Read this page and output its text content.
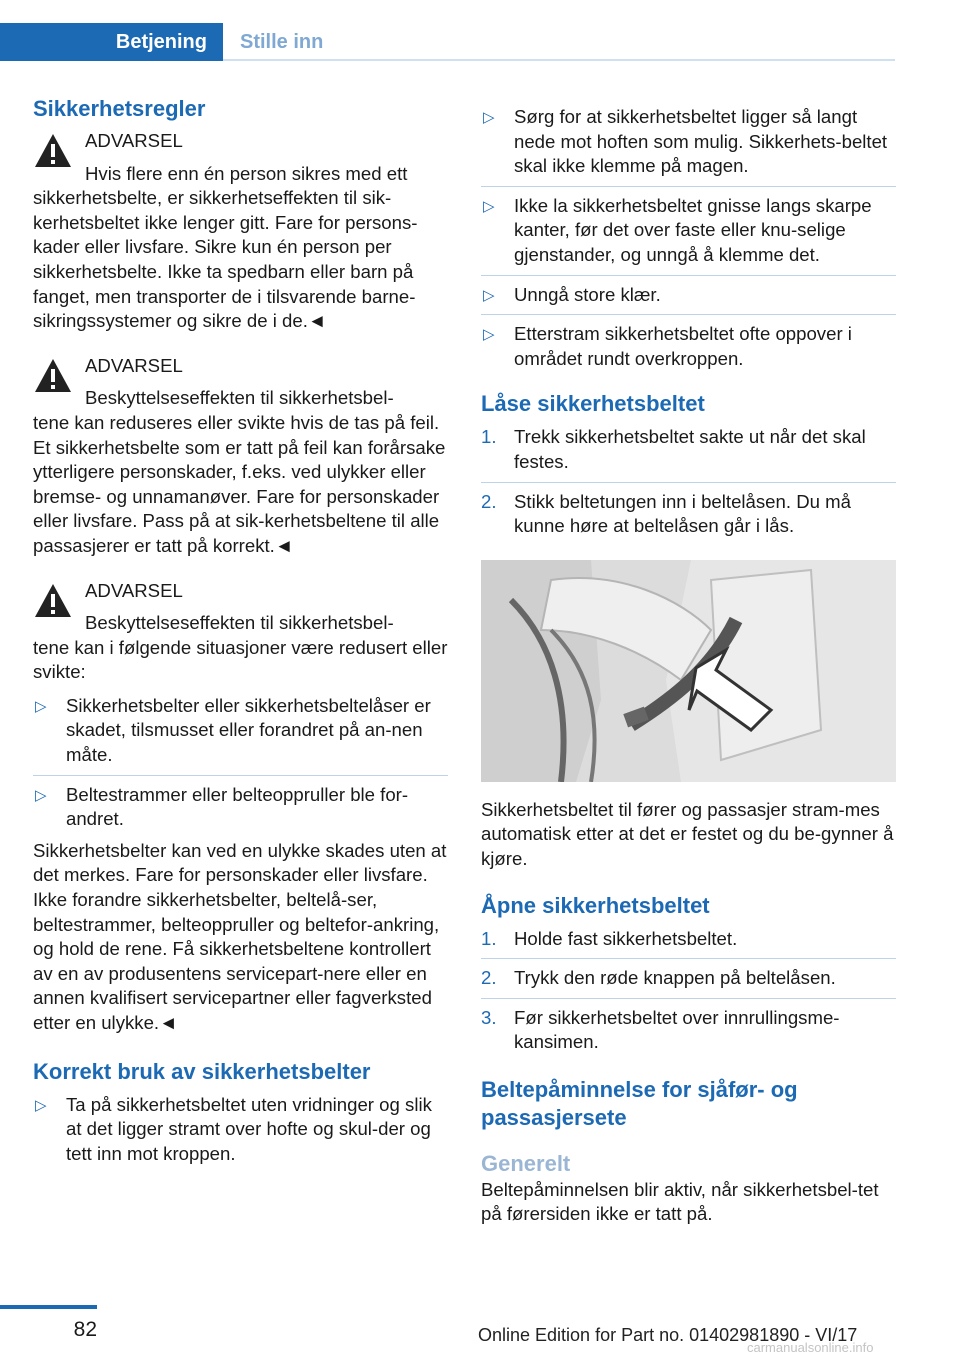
Betjening	Stille inn
Sikkerhetsregler

ADVARSEL

Hvis flere enn én person sikres med ett

sikkerhetsbelte, er sikkerhetseffekten til sik-kerhetsbeltet ikke lenger gitt. Fare for persons-kader eller livsfare. Sikre kun én person per sikkerhetsbelte. Ikke ta spedbarn eller barn på fanget, men transporter de i tilsvarende barne-sikringssystemer og sikre de i de.◄

ADVARSEL

Beskyttelseseffekten til sikkerhetsbel-

tene kan reduseres eller svikte hvis de tas på feil. Et sikkerhetsbelte som er tatt på feil kan forårsake ytterligere personskader, f.eks. ved ulykker eller bremse- og unnamanøver. Fare for personskader eller livsfare. Pass på at sik-kerhetsbeltene til alle passasjerer er tatt på korrekt.◄

ADVARSEL

Beskyttelseseffekten til sikkerhetsbel-

tene kan i følgende situasjoner være redusert eller svikte:

▷ Sikkerhetsbelter eller sikkerhetsbeltelåser er skadet, tilsmusset eller forandret på an-nen måte.
▷ Beltestrammer eller belteoppruller ble for-andret.

Sikkerhetsbelter kan ved en ulykke skades uten at det merkes. Fare for personskader eller livsfare. Ikke forandre sikkerhetsbelter, beltelå-ser, beltestrammer, belteoppruller og beltefor-ankring, og hold de rene. Få sikkerhetsbeltene kontrollert av en av produsentens servicepart-nere eller en annen kvalifisert servicepartner eller fagverksted etter en ulykke.◄

Korrekt bruk av sikkerhetsbelter
▷ Ta på sikkerhetsbeltet uten vridninger og slik at det ligger stramt over hofte og skul-der og tett inn mot kroppen.
▷ Sørg for at sikkerhetsbeltet ligger så langt nede mot hoften som mulig. Sikkerhets-beltet skal ikke klemme på magen.
▷ Ikke la sikkerhetsbeltet gnisse langs skarpe kanter, før det over faste eller knu-selige gjenstander, og unngå å klemme det.
▷ Unngå store klær.
▷ Etterstram sikkerhetsbeltet ofte oppover i området rundt overkroppen.
Låse sikkerhetsbeltet
1. Trekk sikkerhetsbeltet sakte ut når det skal festes.
2. Stikk beltetungen inn i beltelåsen. Du må kunne høre at beltelåsen går i lås.

Sikkerhetsbeltet til fører og passasjer stram-mes automatisk etter at det er festet og du be-gynner å kjøre.

Åpne sikkerhetsbeltet
1. Holde fast sikkerhetsbeltet.
2. Trykk den røde knappen på beltelåsen.
3. Før sikkerhetsbeltet over innrullingsme-kansimen.
Beltepåminnelse for sjåfør- og passasjersete
Generelt

Beltepåminnelsen blir aktiv, når sikkerhetsbel-tet på førersiden ikke er tatt på.

82	Online Edition for Part no. 01402981890 - VI/17
carmanualsonline.info
